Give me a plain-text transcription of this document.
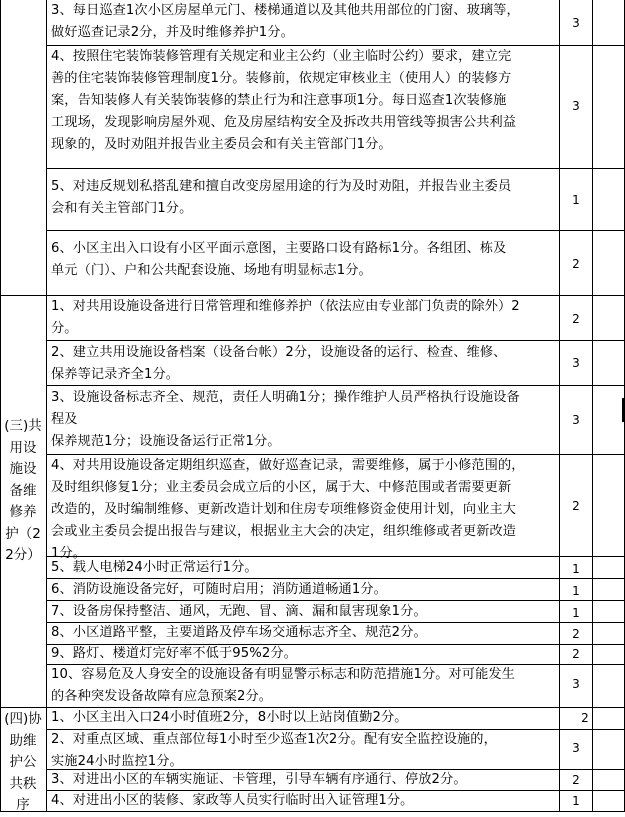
(三)共用设施设备维修养护（22分）
(四)协助维护公共秩序
3、每日巡查1次小区房屋单元门、楼梯通道以及其他共用部位的门窗、玻璃等，
做好巡查记录2分，并及时维修养护1分。
4、按照住宅装饰装修管理有关规定和业主公约（业主临时公约）要求，建立完
善的住宅装饰装修管理制度1分。装修前，依规定审核业主（使用人）的装修方
案，告知装修人有关装饰装修的禁止行为和注意事项1分。每日巡查1次装修施
工现场，发现影响房屋外观、危及房屋结构安全及拆改共用管线等损害公共利益
现象的，及时劝阻并报告业主委员会和有关主管部门1分。
5、对违反规划私搭乱建和擅自改变房屋用途的行为及时劝阻，并报告业主委员
会和有关主管部门1分。
6、小区主出入口设有小区平面示意图，主要路口设有路标1分。各组团、栋及
单元（门）、户和公共配套设施、场地有明显标志1分。
1、对共用设施设备进行日常管理和维修养护（依法应由专业部门负责的除外）2
分。
2、建立共用设施设备档案（设备台帐）2分，设施设备的运行、检查、维修、
保养等记录齐全1分。
3、设施设备标志齐全、规范，责任人明确1分；操作维护人员严格执行设施设备
程及
保养规范1分；设施设备运行正常1分。
4、对共用设施设备定期组织巡查，做好巡查记录，需要维修，属于小修范围的，
及时组织修复1分；业主委员会成立后的小区，属于大、中修范围或者需要更新
改造的，及时编制维修、更新改造计划和住房专项维修资金使用计划，向业主大
会或业主委员会提出报告与建议，根据业主大会的决定，组织维修或者更新改造
1分。
5、载人电梯24小时正常运行1分。
6、消防设施设备完好，可随时启用；消防通道畅通1分。
7、设备房保持整洁、通风，无跑、冒、滴、漏和鼠害现象1分。
8、小区道路平整，主要道路及停车场交通标志齐全、规范2分。
9、路灯、楼道灯完好率不低于95%2分。
10、容易危及人身安全的设施设备有明显警示标志和防范措施1分。对可能发生
的各种突发设备故障有应急预案2分。
1、小区主出入口24小时值班2分，8小时以上站岗值勤2分。
2、对重点区域、重点部位每1小时至少巡查1次2分。配有安全监控设施的，
实施24小时监控1分。
3、对进出小区的车辆实施证、卡管理，引导车辆有序通行、停放2分。
4、对进出小区的装修、家政等人员实行临时出入证管理1分。
3
3
1
2
2
3
3
2
1
1
1
2
2
3
2
3
2
1
